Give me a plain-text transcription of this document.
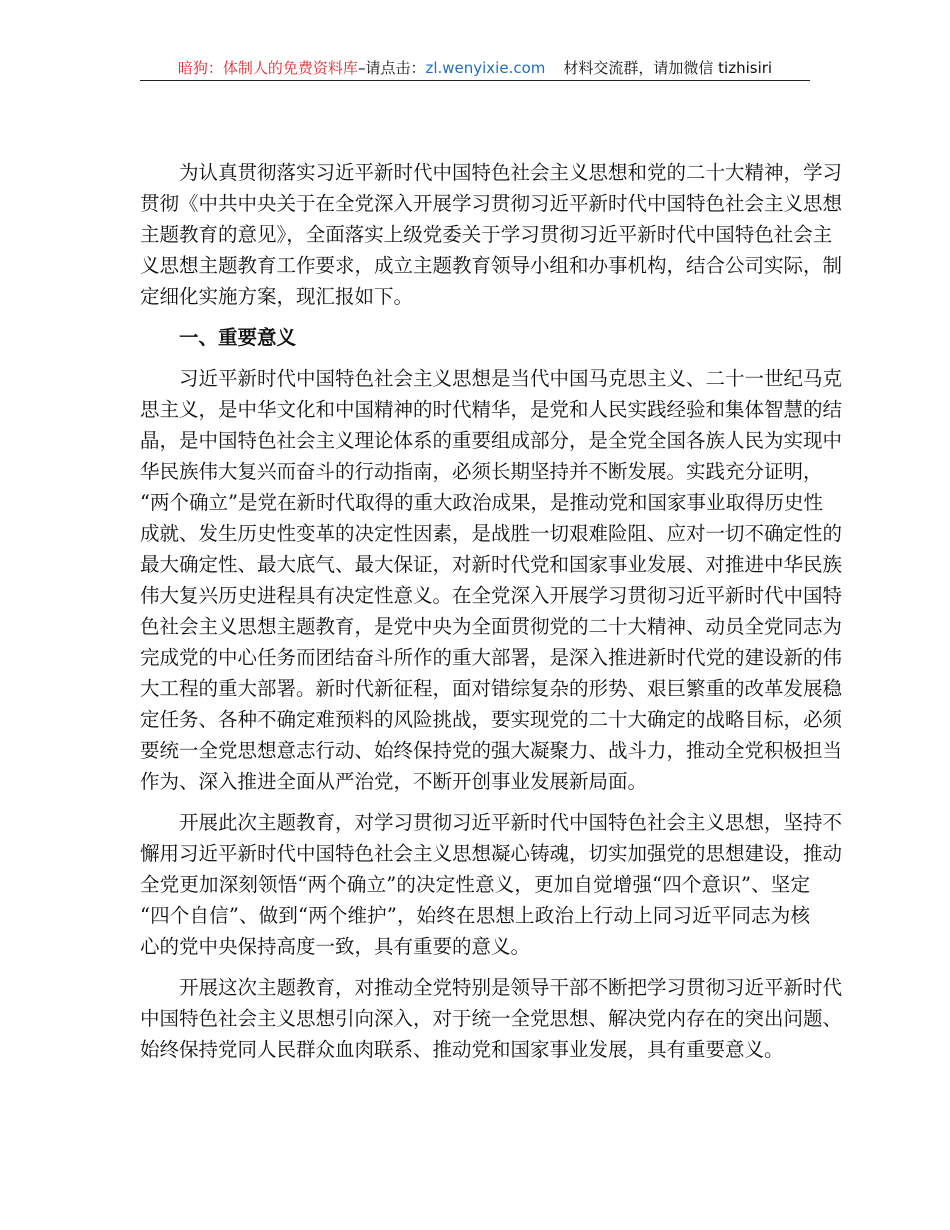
暗狗：体制人的免费资料库–请点击：zl.wenyixie.com 材料交流群，请加微信 tizhisiri
为认真贯彻落实习近平新时代中国特色社会主义思想和党的二十大精神，学习
贯彻《中共中央关于在全党深入开展学习贯彻习近平新时代中国特色社会主义思想
主题教育的意见》，全面落实上级党委关于学习贯彻习近平新时代中国特色社会主
义思想主题教育工作要求，成立主题教育领导小组和办事机构，结合公司实际，制
定细化实施方案，现汇报如下。
一、重要意义
习近平新时代中国特色社会主义思想是当代中国马克思主义、二十一世纪马克
思主义，是中华文化和中国精神的时代精华，是党和人民实践经验和集体智慧的结
晶，是中国特色社会主义理论体系的重要组成部分，是全党全国各族人民为实现中
华民族伟大复兴而奋斗的行动指南，必须长期坚持并不断发展。实践充分证明，
“两个确立”是党在新时代取得的重大政治成果，是推动党和国家事业取得历史性
成就、发生历史性变革的决定性因素，是战胜一切艰难险阻、应对一切不确定性的
最大确定性、最大底气、最大保证，对新时代党和国家事业发展、对推进中华民族
伟大复兴历史进程具有决定性意义。在全党深入开展学习贯彻习近平新时代中国特
色社会主义思想主题教育，是党中央为全面贯彻党的二十大精神、动员全党同志为
完成党的中心任务而团结奋斗所作的重大部署，是深入推进新时代党的建设新的伟
大工程的重大部署。新时代新征程，面对错综复杂的形势、艰巨繁重的改革发展稳
定任务、各种不确定难预料的风险挑战，要实现党的二十大确定的战略目标，必须
要统一全党思想意志行动、始终保持党的强大凝聚力、战斗力，推动全党积极担当
作为、深入推进全面从严治党，不断开创事业发展新局面。
开展此次主题教育，对学习贯彻习近平新时代中国特色社会主义思想，坚持不
懈用习近平新时代中国特色社会主义思想凝心铸魂，切实加强党的思想建设，推动
全党更加深刻领悟“两个确立”的决定性意义，更加自觉增强“四个意识”、坚定
“四个自信”、做到“两个维护”，始终在思想上政治上行动上同习近平同志为核
心的党中央保持高度一致，具有重要的意义。
开展这次主题教育，对推动全党特别是领导干部不断把学习贯彻习近平新时代
中国特色社会主义思想引向深入，对于统一全党思想、解决党内存在的突出问题、
始终保持党同人民群众血肉联系、推动党和国家事业发展，具有重要意义。
